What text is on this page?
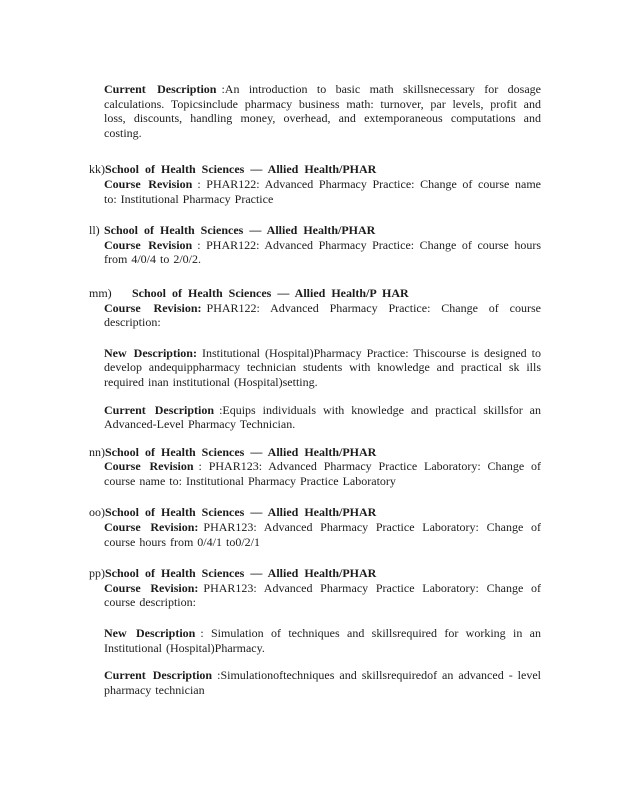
Current Description :An introduction to basic math skillsnecessary for dosage calculations. Topicsinclude pharmacy business math: turnover, par levels, profit and loss, discounts, handling money, overhead, and extemporaneous computations and costing.
kk)School of Health Sciences — Allied Health/PHAR
Course Revision : PHAR122: Advanced Pharmacy Practice: Change of course name to: Institutional Pharmacy Practice
ll) School of Health Sciences — Allied Health/PHAR
Course Revision : PHAR122: Advanced Pharmacy Practice: Change of course hours from 4/0/4 to 2/0/2.
mm) School of Health Sciences — Allied Health/P HAR
Course Revision: PHAR122: Advanced Pharmacy Practice: Change of course description:
New Description: Institutional (Hospital)Pharmacy Practice: Thiscourse is designed to develop andequippharmacy technician students with knowledge and practical sk ills required inan institutional (Hospital)setting.
Current Description :Equips individuals with knowledge and practical skillsfor an Advanced-Level Pharmacy Technician.
nn)School of Health Sciences — Allied Health/PHAR
Course Revision : PHAR123: Advanced Pharmacy Practice Laboratory: Change of course name to: Institutional Pharmacy Practice Laboratory
oo)School of Health Sciences — Allied Health/PHAR
Course Revision: PHAR123: Advanced Pharmacy Practice Laboratory: Change of course hours from 0/4/1 to0/2/1
pp)School of Health Sciences — Allied Health/PHAR
Course Revision: PHAR123: Advanced Pharmacy Practice Laboratory: Change of course description:
New Description : Simulation of techniques and skillsrequired for working in an Institutional (Hospital)Pharmacy.
Current Description :Simulationoftechniques and skillsrequiredof an advanced - level pharmacy technician
